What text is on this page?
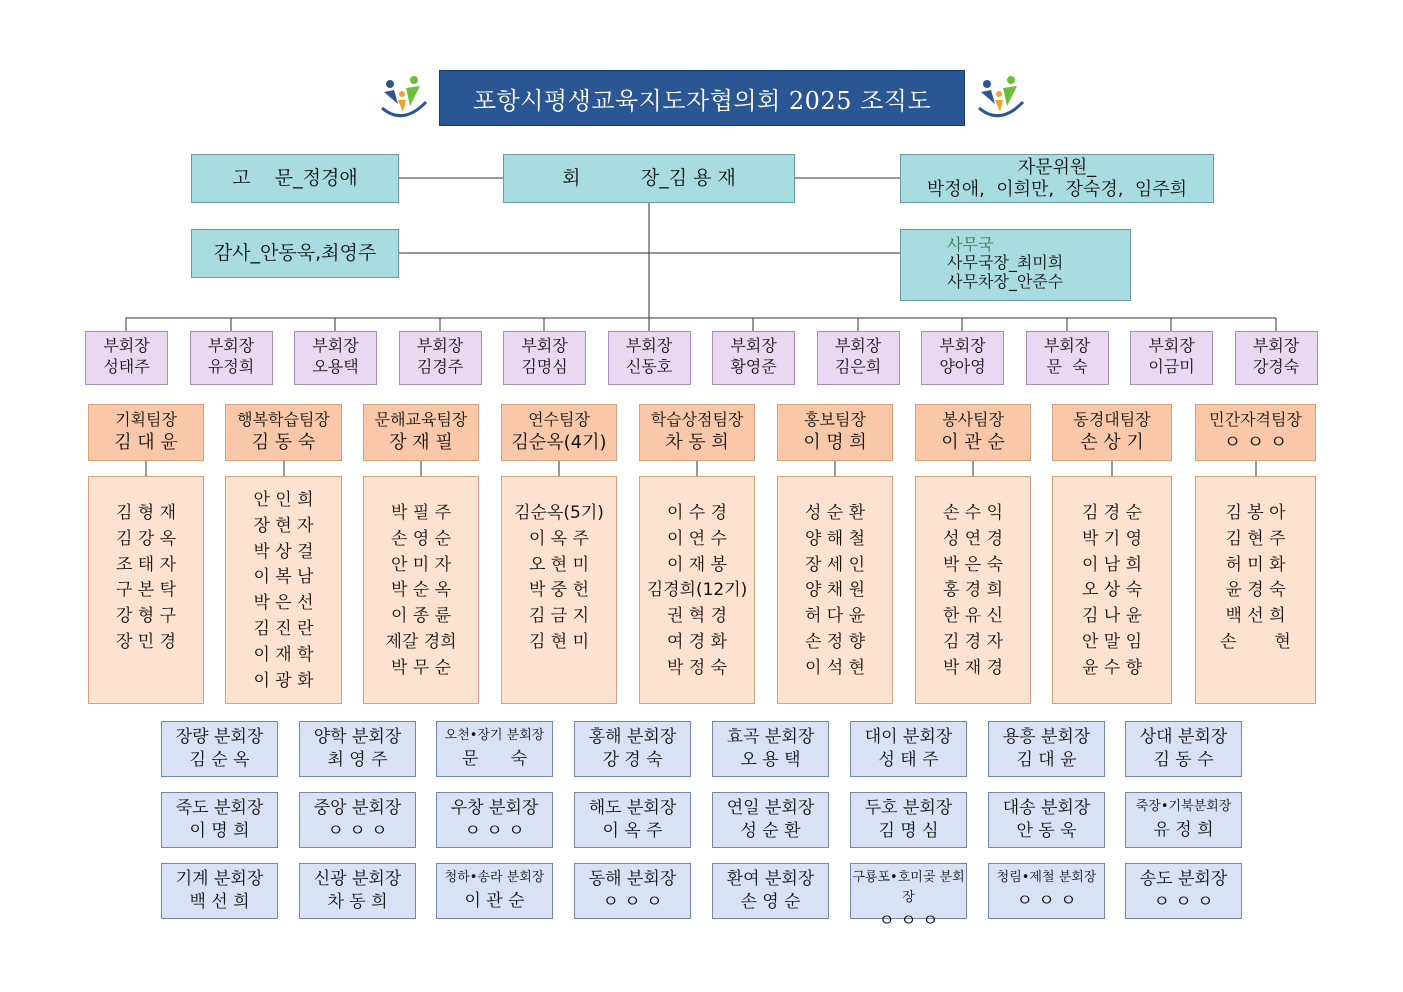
포항시평생교육지도자협의회 2025 조직도
고    문_정경애	회          장_김 용 재	자문위원_
박정애,  이희만,  장숙경,  임주희
감사_안동욱,최영주	사무국
사무국장_최미희
사무차장_안준수
부회장
성태주
부회장
유정희
부회장
오용택
부회장
김경주
부회장
김명심
부회장
신동호
부회장
황영준
부회장
김은희
부회장
양아영
부회장
문  숙
부회장
이금미
부회장
강경숙
기획팀장
김 대 윤
김 형 재
김 강 옥
조 태 자
구 본 탁
강 형 구
장 민 경
행복학습팀장
김 동 숙
안 인 희
장 현 자
박 상 걸
이 복 남
박 은 선
김 진 란
이 재 학
이 광 화
문해교육팀장
장 재 필
박 필 주
손 영 순
안 미 자
박 순 옥
이 종 륜
제갈 경희
박 무 순
연수팀장
김순옥(4기)
김순옥(5기)
이 옥 주
오 현 미
박 중 헌
김 금 지
김 현 미
학습상점팀장
차 동 희
이 수 경
이 연 수
이 재 봉
김경희(12기)
권 혁 경
여 경 화
박 정 숙
홍보팀장
이 명 희
성 순 환
양 해 철
장 세 인
양 채 원
허 다 윤
손 정 향
이 석 현
봉사팀장
이 관 순
손 수 익
성 연 경
박 은 숙
홍 경 희
한 유 신
김 경 자
박 재 경
동경대팀장
손 상 기
김 경 순
박 기 영
이 남 희
오 상 숙
김 나 윤
안 말 임
윤 수 향
민간자격팀장
ㅇ ㅇ ㅇ
김 봉 아
김 현 주
허 미 화
윤 경 숙
백 선 희
손       현
장량 분회장
김 순 옥
양학 분회장
최 영 주
오천•장기 분회장
문      숙
홍해 분회장
강 경 숙
효곡 분회장
오 용 택
대이 분회장
성 태 주
용흥 분회장
김 대 윤
상대 분회장
김 동 수
죽도 분회장
이 명 희
중앙 분회장
ㅇ ㅇ ㅇ
우창 분회장
ㅇ ㅇ ㅇ
해도 분회장
이 옥 주
연일 분회장
성 순 환
두호 분회장
김 명 심
대송 분회장
안 동 욱
죽장•기북분회장
유 정 희
기계 분회장
백 선 희
신광 분회장
차 동 희
청하•송라 분회장
이 관 순
동해 분회장
ㅇ ㅇ ㅇ
환여 분회장
손 영 순
구룡포•호미곶 분회장
ㅇ ㅇ ㅇ
청림•제철 분회장
ㅇ ㅇ ㅇ
송도 분회장
ㅇ ㅇ ㅇ
